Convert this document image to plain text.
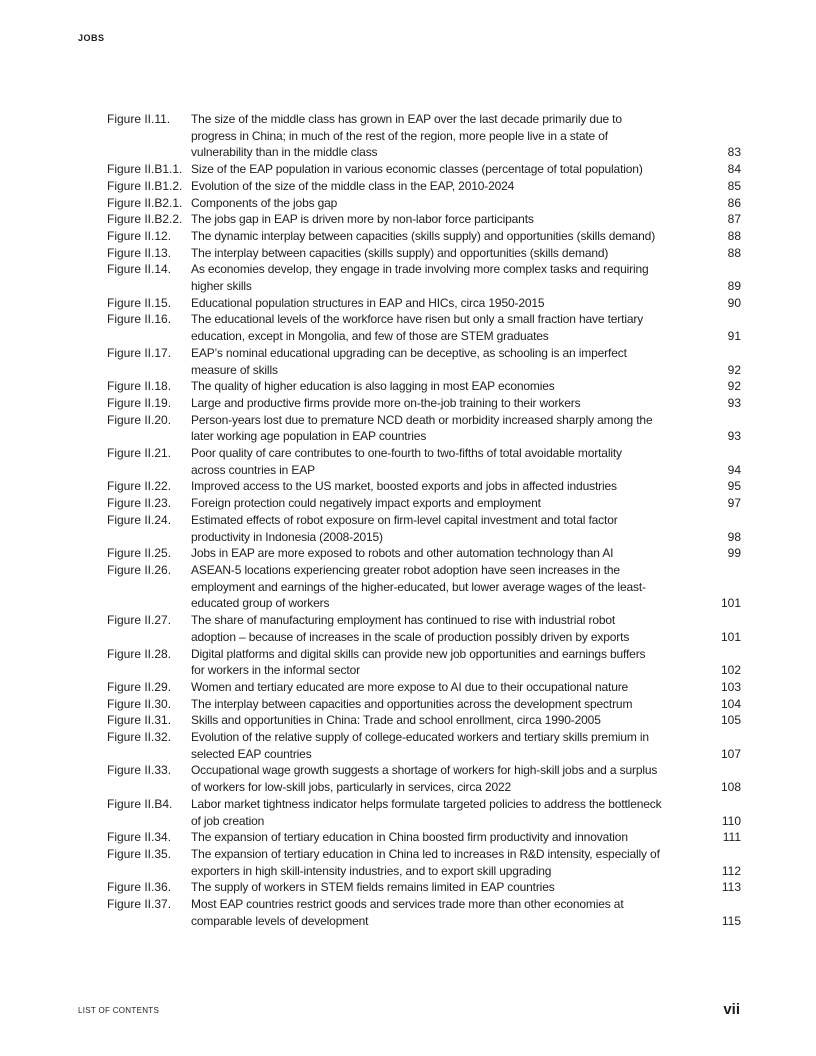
JOBS
Figure II.11.	The size of the middle class has grown in EAP over the last decade primarily due to
progress in China; in much of the rest of the region, more people live in a state of
vulnerability than in the middle class	83
Figure II.B1.1. Size of the EAP population in various economic classes (percentage of total population)	84
Figure II.B1.2. Evolution of the size of the middle class in the EAP, 2010-2024	85
Figure II.B2.1. Components of the jobs gap	86
Figure II.B2.2. The jobs gap in EAP is driven more by non-labor force participants	87
Figure II.12.	The dynamic interplay between capacities (skills supply) and opportunities (skills demand)	88
Figure II.13.	The interplay between capacities (skills supply) and opportunities (skills demand)	88
Figure II.14.	As economies develop, they engage in trade involving more complex tasks and requiring
higher skills	89
Figure II.15.	Educational population structures in EAP and HICs, circa 1950-2015	90
Figure II.16.	The educational levels of the workforce have risen but only a small fraction have tertiary
education, except in Mongolia, and few of those are STEM graduates	91
Figure II.17.	EAP’s nominal educational upgrading can be deceptive, as schooling is an imperfect
measure of skills	92
Figure II.18.	The quality of higher education is also lagging in most EAP economies	92
Figure II.19.	Large and productive firms provide more on-the-job training to their workers	93
Figure II.20.	Person-years lost due to premature NCD death or morbidity increased sharply among the
later working age population in EAP countries	93
Figure II.21.	Poor quality of care contributes to one-fourth to two-fifths of total avoidable mortality
across countries in EAP	94
Figure II.22.	Improved access to the US market, boosted exports and jobs in affected industries	95
Figure II.23.	Foreign protection could negatively impact exports and employment	97
Figure II.24.	Estimated effects of robot exposure on firm-level capital investment and total factor
productivity in Indonesia (2008-2015)	98
Figure II.25.	Jobs in EAP are more exposed to robots and other automation technology than AI	99
Figure II.26.	ASEAN-5 locations experiencing greater robot adoption have seen increases in the
employment and earnings of the higher-educated, but lower average wages of the least-
educated group of workers	101
Figure II.27.	The share of manufacturing employment has continued to rise with industrial robot
adoption – because of increases in the scale of production possibly driven by exports	101
Figure II.28.	Digital platforms and digital skills can provide new job opportunities and earnings buffers
for workers in the informal sector	102
Figure II.29.	Women and tertiary educated are more expose to AI due to their occupational nature	103
Figure II.30.	The interplay between capacities and opportunities across the development spectrum	104
Figure II.31.	Skills and opportunities in China: Trade and school enrollment, circa 1990-2005	105
Figure II.32.	Evolution of the relative supply of college-educated workers and tertiary skills premium in
selected EAP countries	107
Figure II.33.	Occupational wage growth suggests a shortage of workers for high-skill jobs and a surplus
of workers for low-skill jobs, particularly in services, circa 2022	108
Figure II.B4.	Labor market tightness indicator helps formulate targeted policies to address the bottleneck
of job creation	110
Figure II.34.	The expansion of tertiary education in China boosted firm productivity and innovation	111
Figure II.35.	The expansion of tertiary education in China led to increases in R&D intensity, especially of
exporters in high skill-intensity industries, and to export skill upgrading	112
Figure II.36.	The supply of workers in STEM fields remains limited in EAP countries	113
Figure II.37.	Most EAP countries restrict goods and services trade more than other economies at
comparable levels of development	115
LIST OF CONTENTS	vii
